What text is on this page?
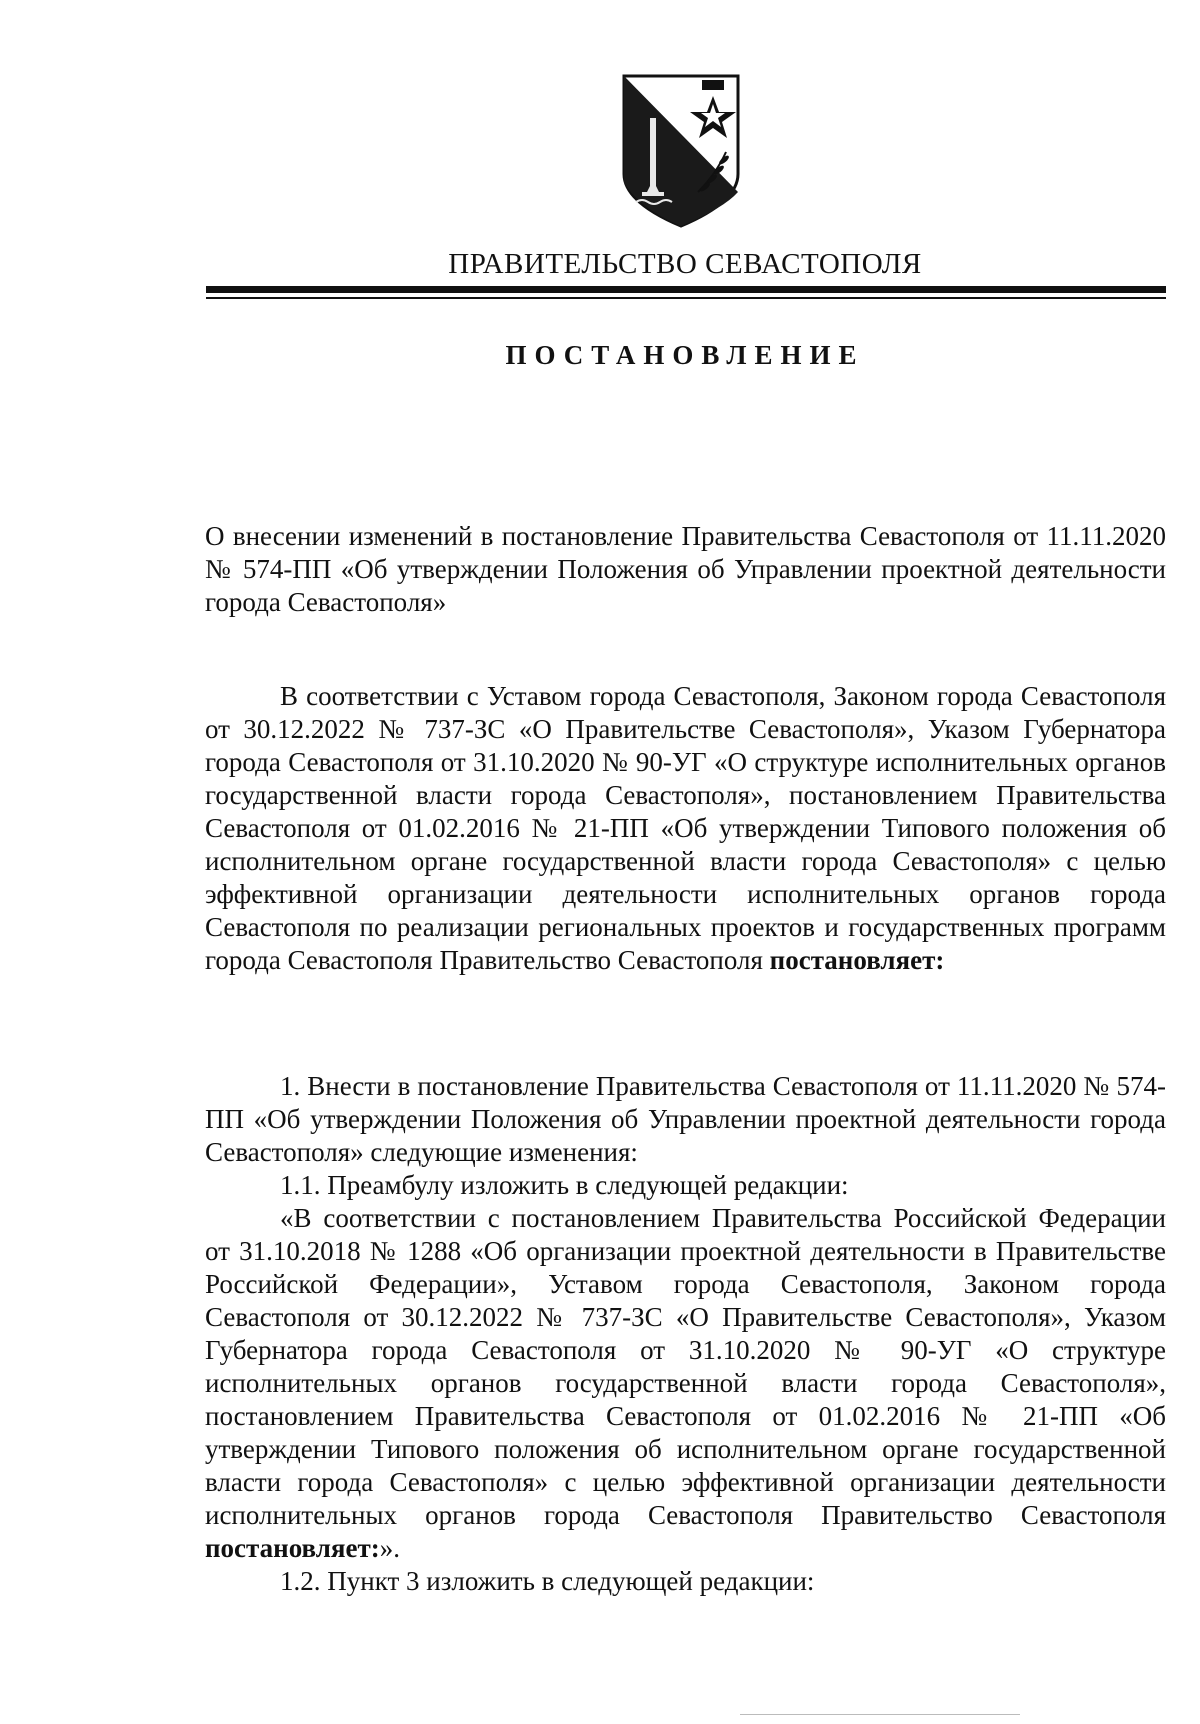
ПРАВИТЕЛЬСТВО СЕВАСТОПОЛЯ
ПОСТАНОВЛЕНИЕ

О внесении изменений в постановление Правительства Севастополя от 11.11.2020 № 574-ПП «Об утверждении Положения об Управлении проектной деятельности города Севастополя»

В соответствии с Уставом города Севастополя, Законом города Севастополя от 30.12.2022 № 737-ЗС «О Правительстве Севастополя», Указом Губернатора города Севастополя от 31.10.2020 № 90-УГ «О структуре исполнительных органов государственной власти города Севастополя», постановлением Правительства Севастополя от 01.02.2016 № 21-ПП «Об утверждении Типового положения об исполнительном органе государственной власти города Севастополя» с целью эффективной организации деятельности исполнительных органов города Севастополя по реализации региональных проектов и государственных программ города Севастополя Правительство Севастополя постановляет:

1. Внести в постановление Правительства Севастополя от 11.11.2020 № 574-ПП «Об утверждении Положения об Управлении проектной деятельности города Севастополя» следующие изменения:

1.1. Преамбулу изложить в следующей редакции:

«В соответствии с постановлением Правительства Российской Федерации от 31.10.2018 № 1288 «Об организации проектной деятельности в Правительстве Российской Федерации», Уставом города Севастополя, Законом города Севастополя от 30.12.2022 № 737-ЗС «О Правительстве Севастополя», Указом Губернатора города Севастополя от 31.10.2020 № 90-УГ «О структуре исполнительных органов государственной власти города Севастополя», постановлением Правительства Севастополя от 01.02.2016 № 21-ПП «Об утверждении Типового положения об исполнительном органе государственной власти города Севастополя» с целью эффективной организации деятельности исполнительных органов города Севастополя Правительство Севастополя постановляет:».

1.2. Пункт 3 изложить в следующей редакции:
